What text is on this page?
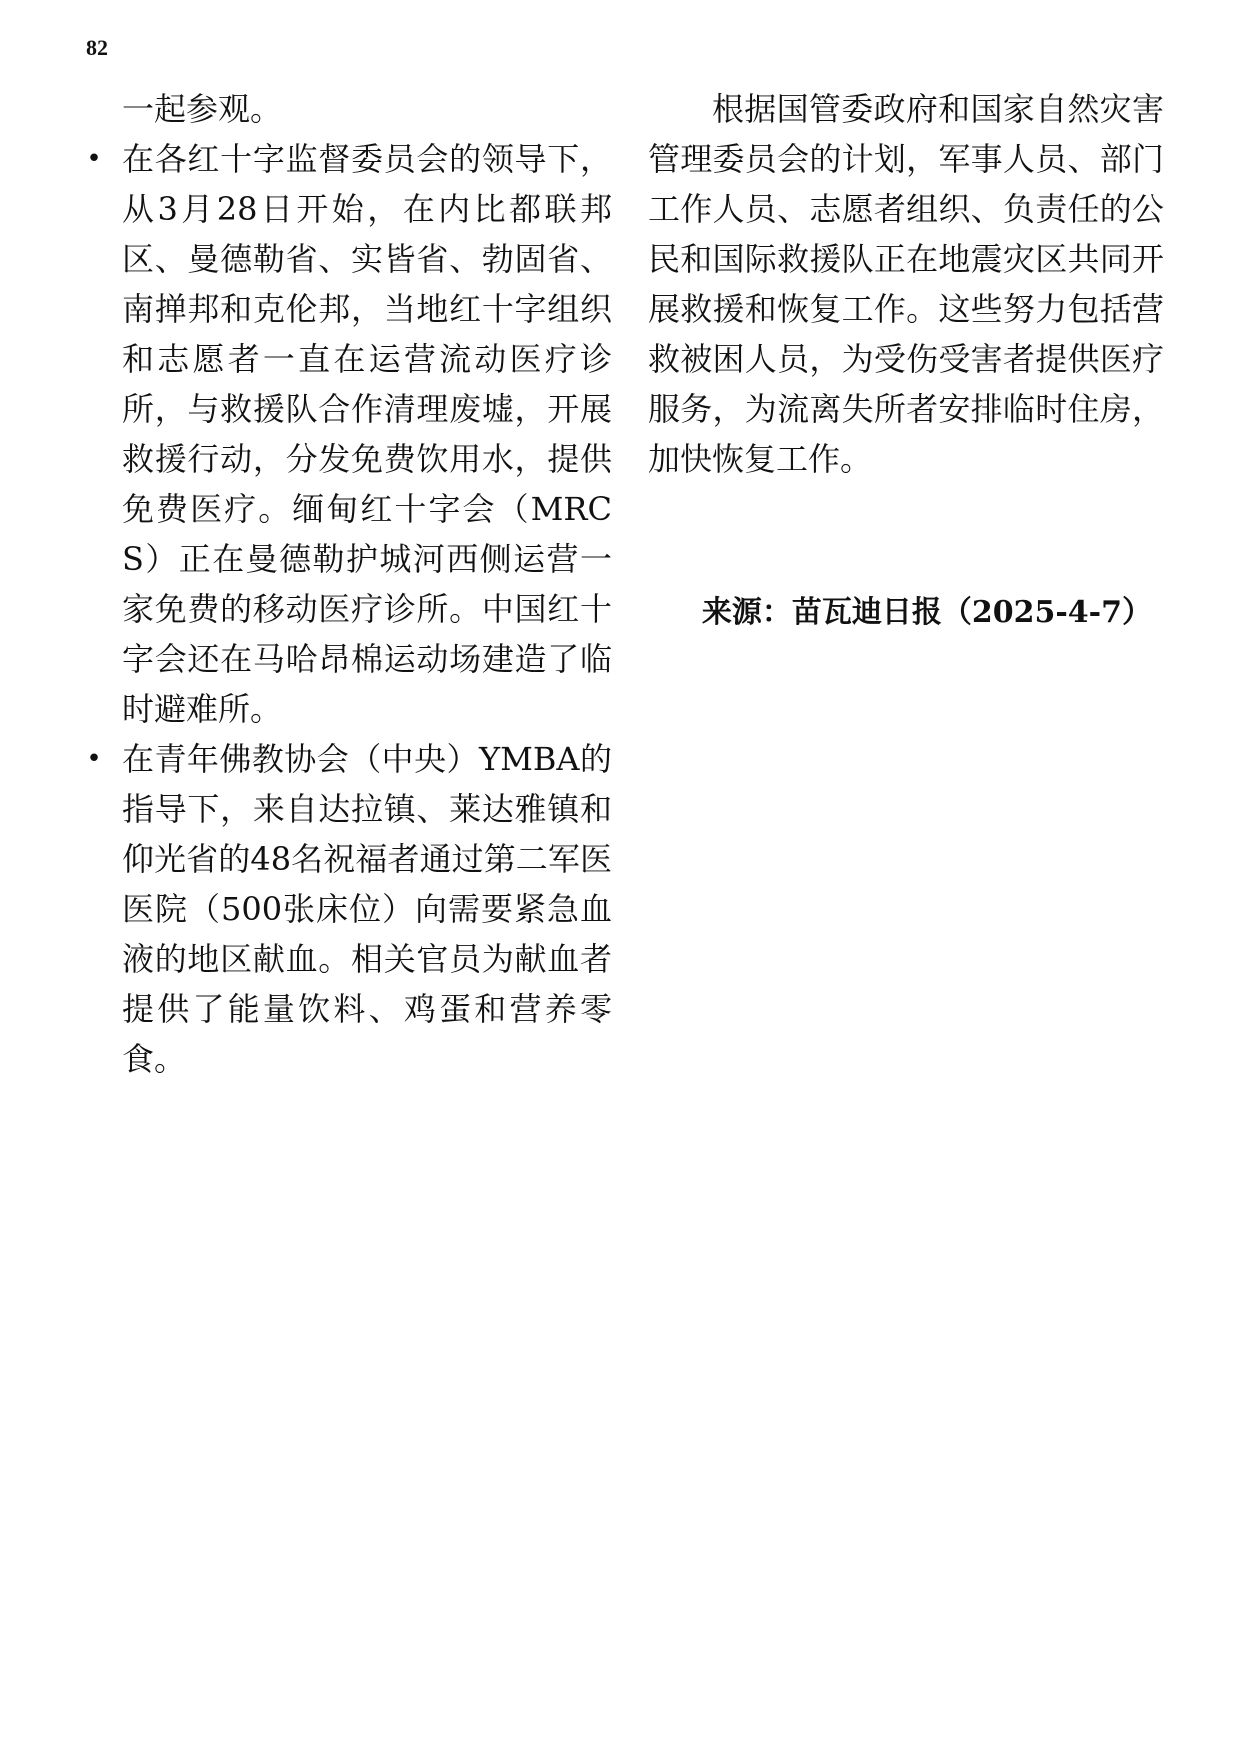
82

一起参观。

• 在各红十字监督委员会的领导下，从3月28日开始，在内比都联邦区、曼德勒省、实皆省、勃固省、南掸邦和克伦邦，当地红十字组织和志愿者一直在运营流动医疗诊所，与救援队合作清理废墟，开展救援行动，分发免费饮用水，提供免费医疗。缅甸红十字会（MRCS）正在曼德勒护城河西侧运营一家免费的移动医疗诊所。中国红十字会还在马哈昂棉运动场建造了临时避难所。
• 在青年佛教协会（中央）YMBA的指导下，来自达拉镇、莱达雅镇和仰光省的48名祝福者通过第二军医医院（500张床位）向需要紧急血液的地区献血。相关官员为献血者提供了能量饮料、鸡蛋和营养零食。

根据国管委政府和国家自然灾害管理委员会的计划，军事人员、部门工作人员、志愿者组织、负责任的公民和国际救援队正在地震灾区共同开展救援和恢复工作。这些努力包括营救被困人员，为受伤受害者提供医疗服务，为流离失所者安排临时住房，加快恢复工作。

来源：苗瓦迪日报（2025-4-7）
